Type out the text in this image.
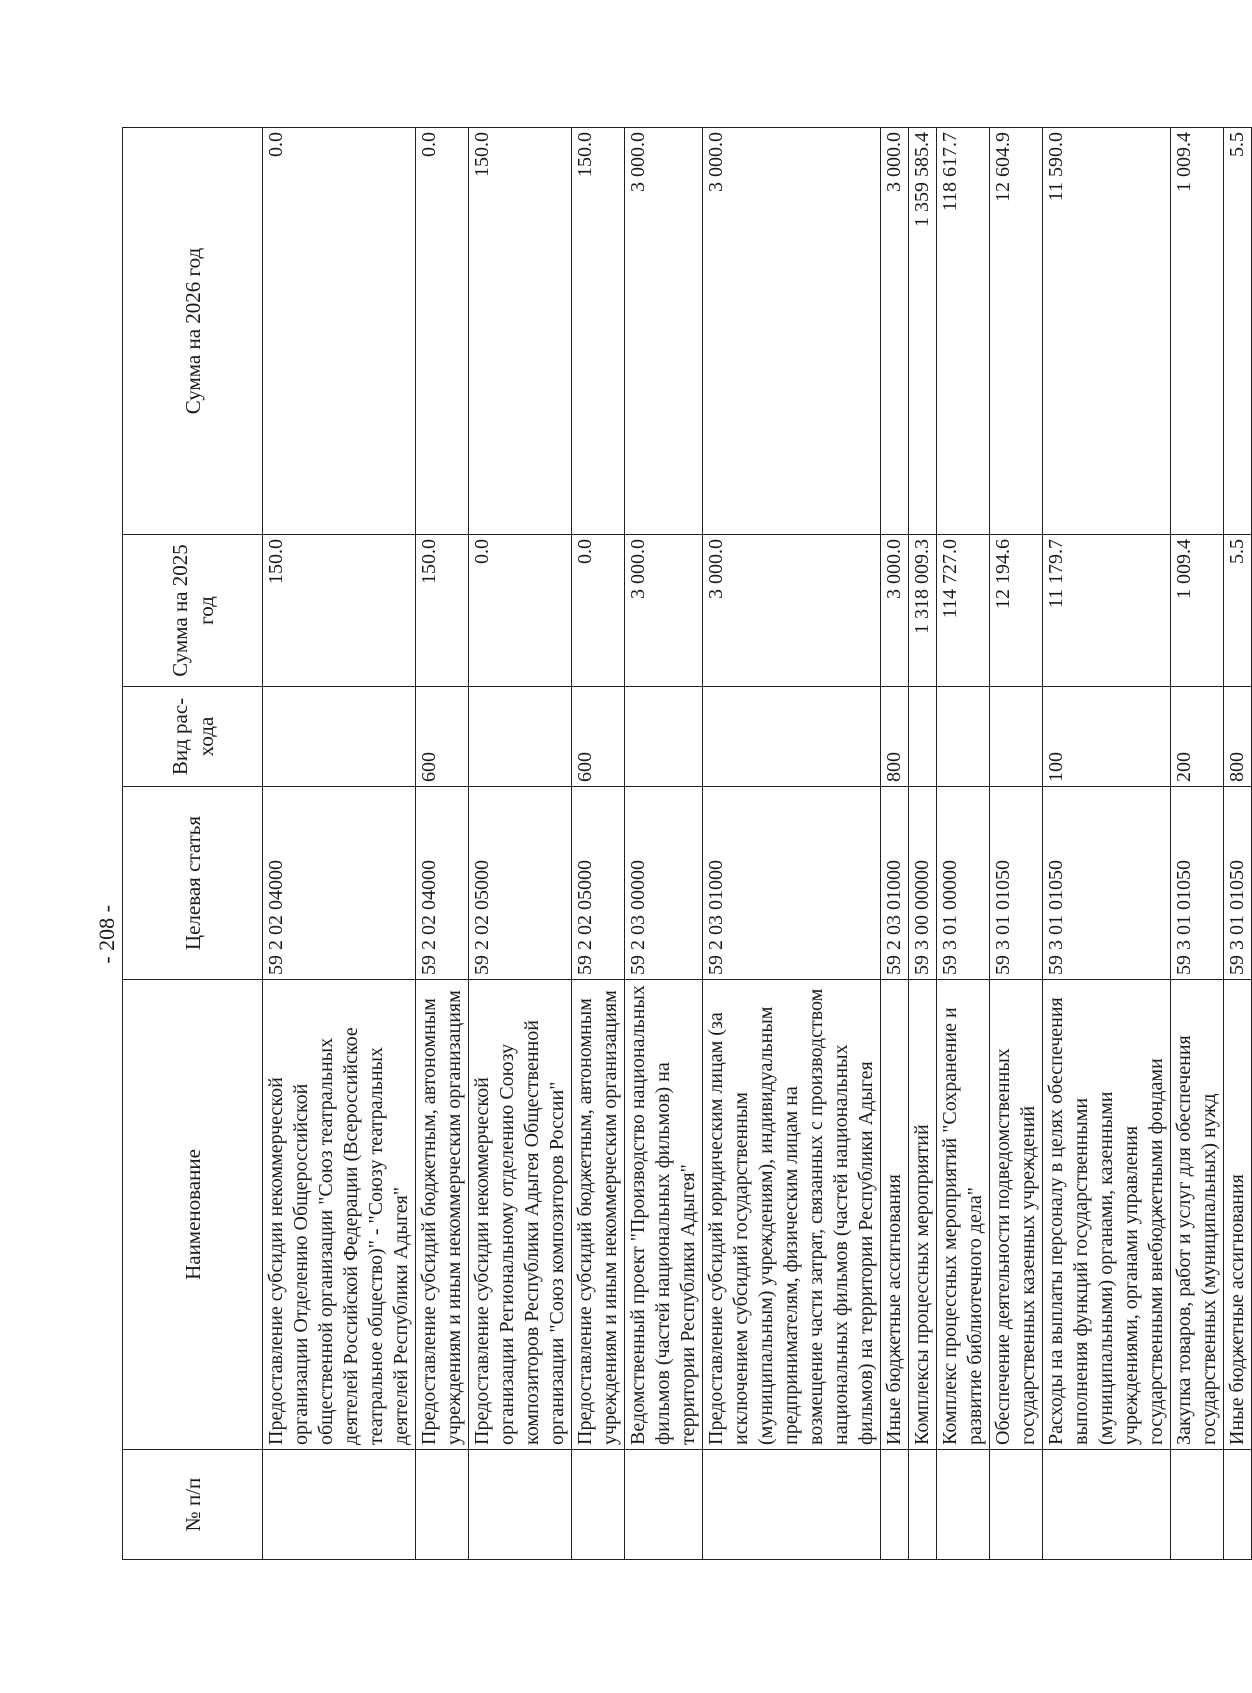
- 208 -
№ п/п	Наименование	Целевая статья	Вид рас-хода	Сумма на 2025 год	Сумма на 2026 год
	Предоставление субсидии некоммерческой организации Отделению Общероссийской общественной организации "Союз театральных деятелей Российской Федерации (Всероссийское театральное общество)" - "Союзу театральных деятелей Республики Адыгея"	59 2 02 04000		150.0	0.0
	Предоставление субсидий бюджетным, автономным учреждениям и иным некоммерческим организациям	59 2 02 04000	600	150.0	0.0
	Предоставление субсидии некоммерческой организации Региональному отделению Союзу композиторов Республики Адыгея Общественной организации "Союз композиторов России"	59 2 02 05000		0.0	150.0
	Предоставление субсидий бюджетным, автономным учреждениям и иным некоммерческим организациям	59 2 02 05000	600	0.0	150.0
	Ведомственный проект "Производство национальных фильмов (частей национальных фильмов) на территории Республики Адыгея"	59 2 03 00000		3 000.0	3 000.0
	Предоставление субсидий юридическим лицам (за исключением субсидий государственным (муниципальным) учреждениям), индивидуальным предпринимателям, физическим лицам на возмещение части затрат, связанных с производством национальных фильмов (частей национальных фильмов) на территории Республики Адыгея	59 2 03 01000		3 000.0	3 000.0
	Иные бюджетные ассигнования	59 2 03 01000	800	3 000.0	3 000.0
	Комплексы процессных мероприятий	59 3 00 00000		1 318 009.3	1 359 585.4
	Комплекс процессных мероприятий "Сохранение и развитие библиотечного дела"	59 3 01 00000		114 727.0	118 617.7
	Обеспечение деятельности подведомственных государственных казенных учреждений	59 3 01 01050		12 194.6	12 604.9
	Расходы на выплаты персоналу в целях обеспечения выполнения функций государственными (муниципальными) органами, казенными учреждениями, органами управления государственными внебюджетными фондами	59 3 01 01050	100	11 179.7	11 590.0
	Закупка товаров, работ и услуг для обеспечения государственных (муниципальных) нужд	59 3 01 01050	200	1 009.4	1 009.4
	Иные бюджетные ассигнования	59 3 01 01050	800	5.5	5.5
